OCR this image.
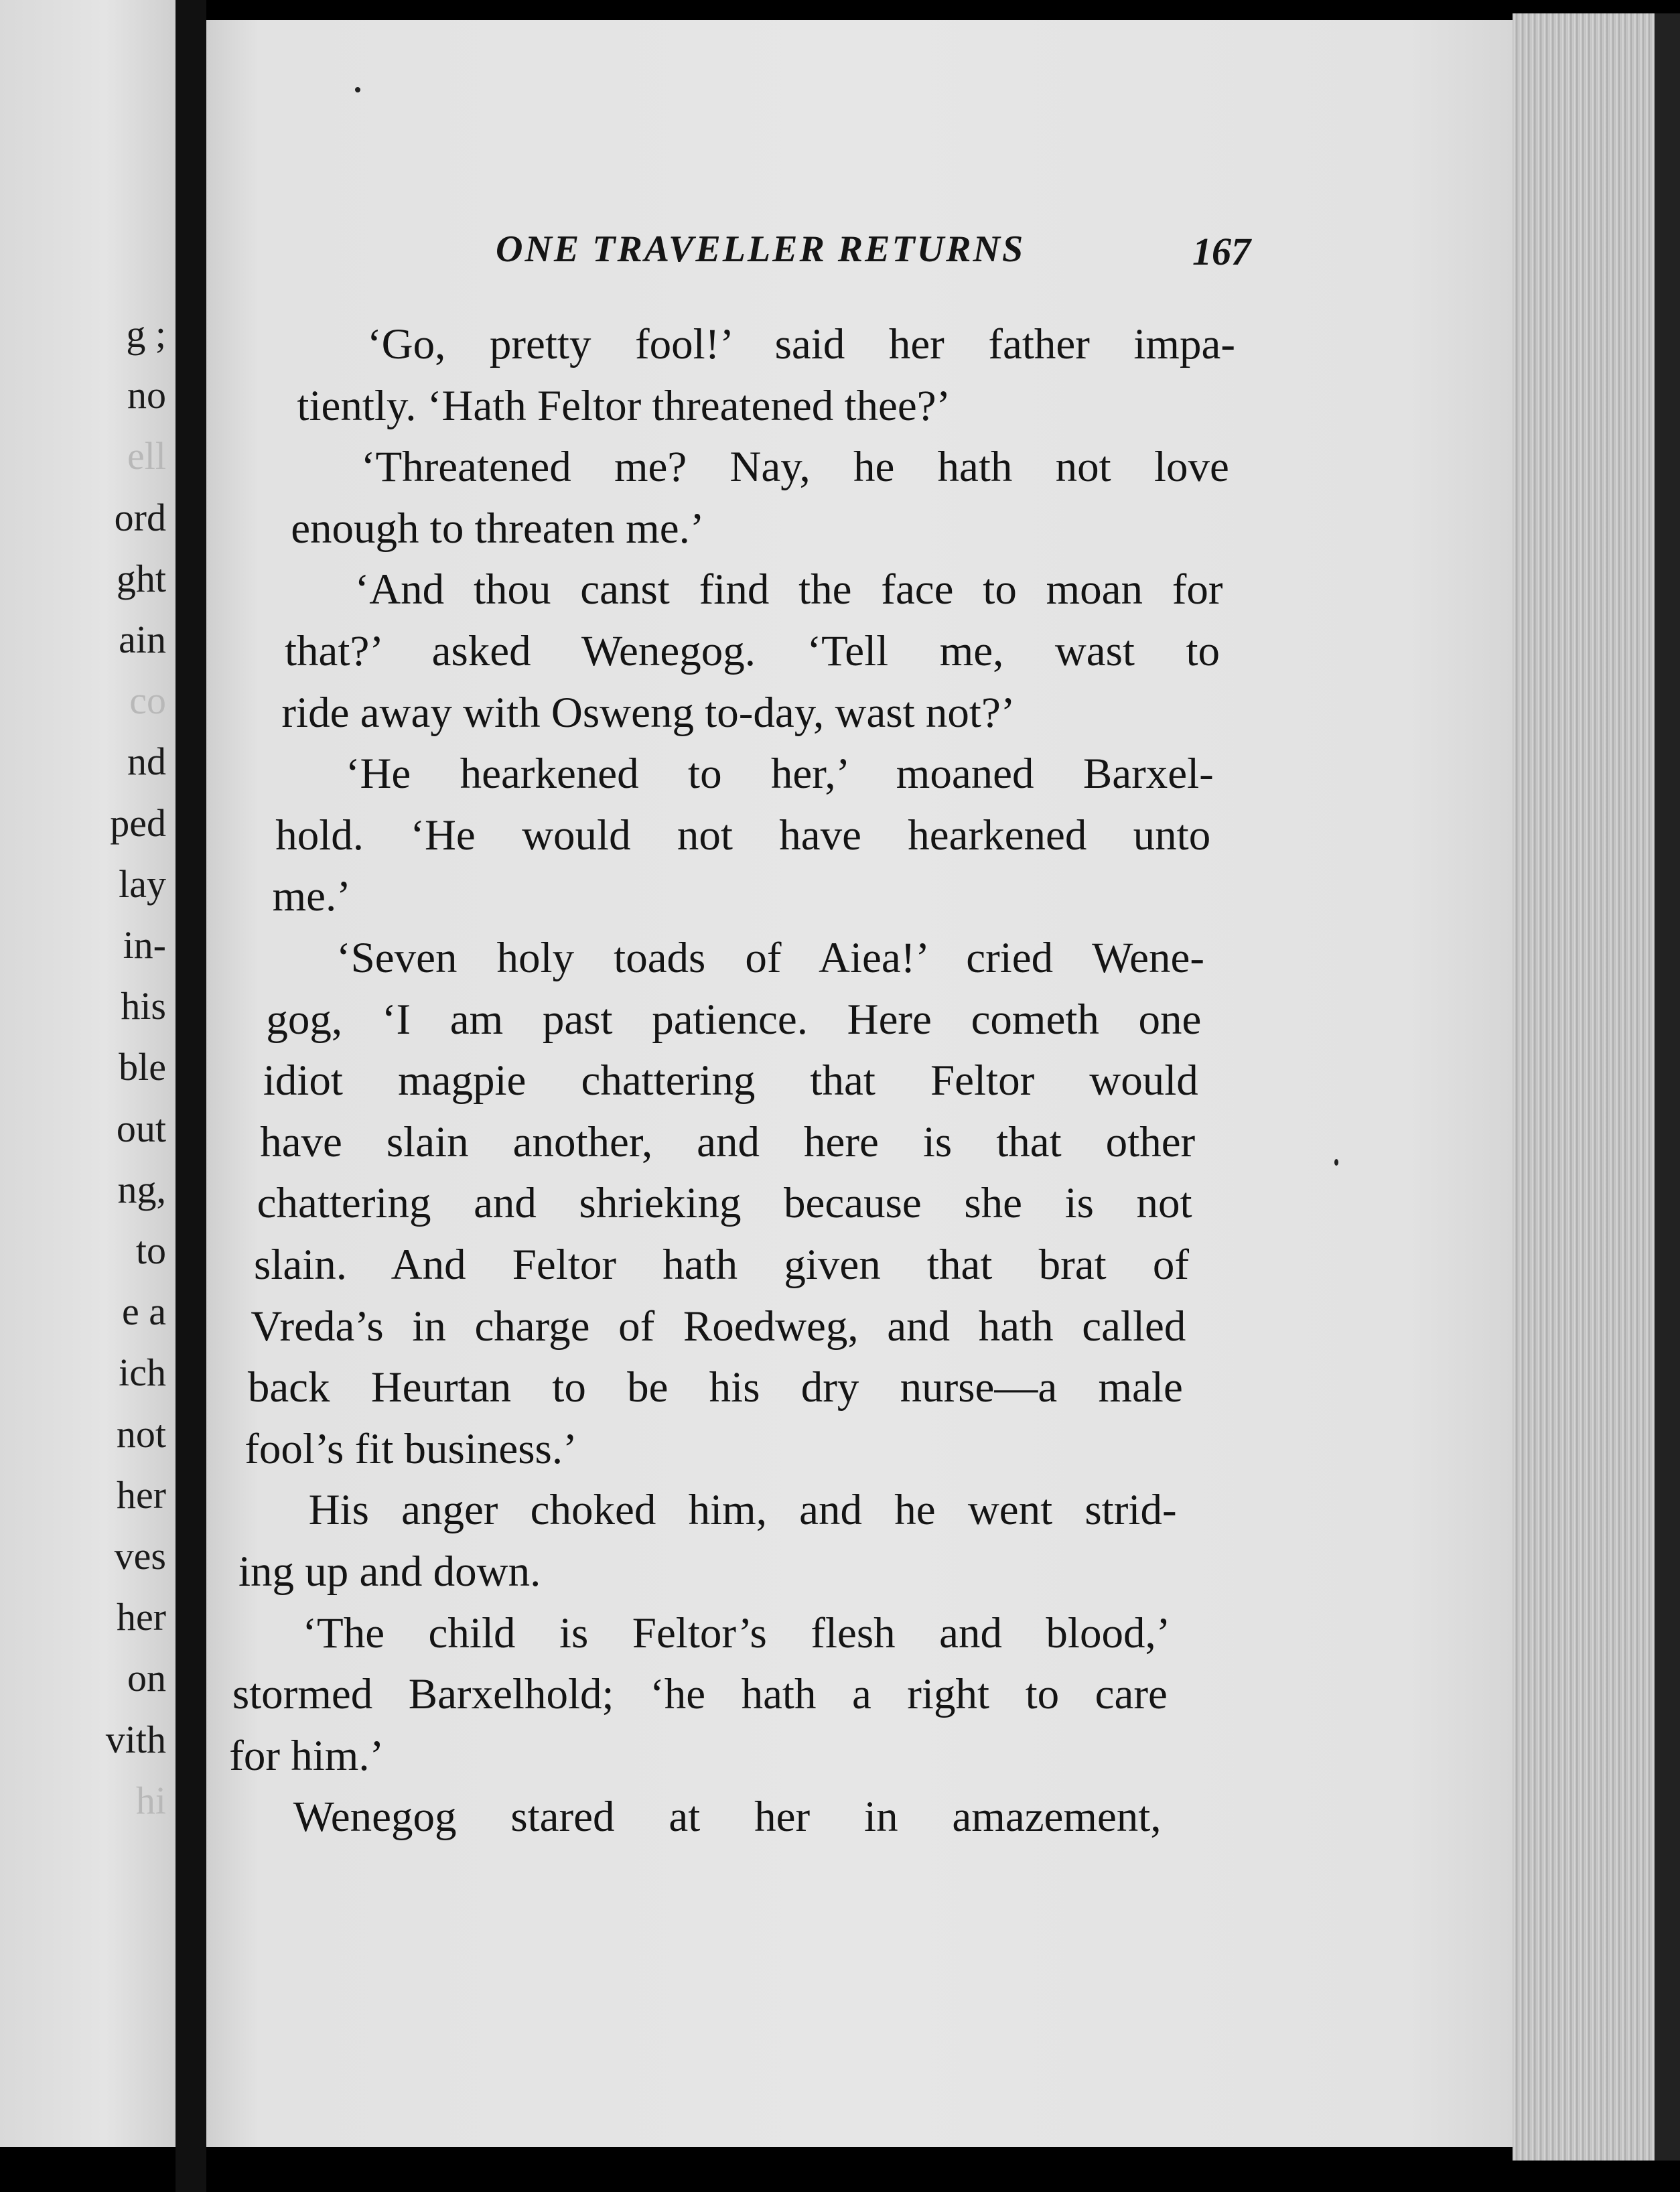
g ;
no
ell
ord
ght
ain
co
nd
ped
lay
in-
his
ble
out
ng,
to
e a
ich
not
her
ves
her
on
vith
hi
ONE TRAVELLER RETURNS	167
‘Go, pretty fool!’ said her father impa-
tiently. ‘Hath Feltor threatened thee?’
‘Threatened me? Nay, he hath not love
enough to threaten me.’
‘And thou canst find the face to moan for
that?’ asked Wenegog. ‘Tell me, wast to
ride away with Osweng to-day, wast not?’
‘He hearkened to her,’ moaned Barxel-
hold. ‘He would not have hearkened unto
me.’
‘Seven holy toads of Aiea!’ cried Wene-
gog, ‘I am past patience. Here cometh one
idiot magpie chattering that Feltor would
have slain another, and here is that other
chattering and shrieking because she is not
slain. And Feltor hath given that brat of
Vreda’s in charge of Roedweg, and hath called
back Heurtan to be his dry nurse—a male
fool’s fit business.’
His anger choked him, and he went strid-
ing up and down.
‘The child is Feltor’s flesh and blood,’
stormed Barxelhold; ‘he hath a right to care
for him.’
Wenegog stared at her in amazement,
